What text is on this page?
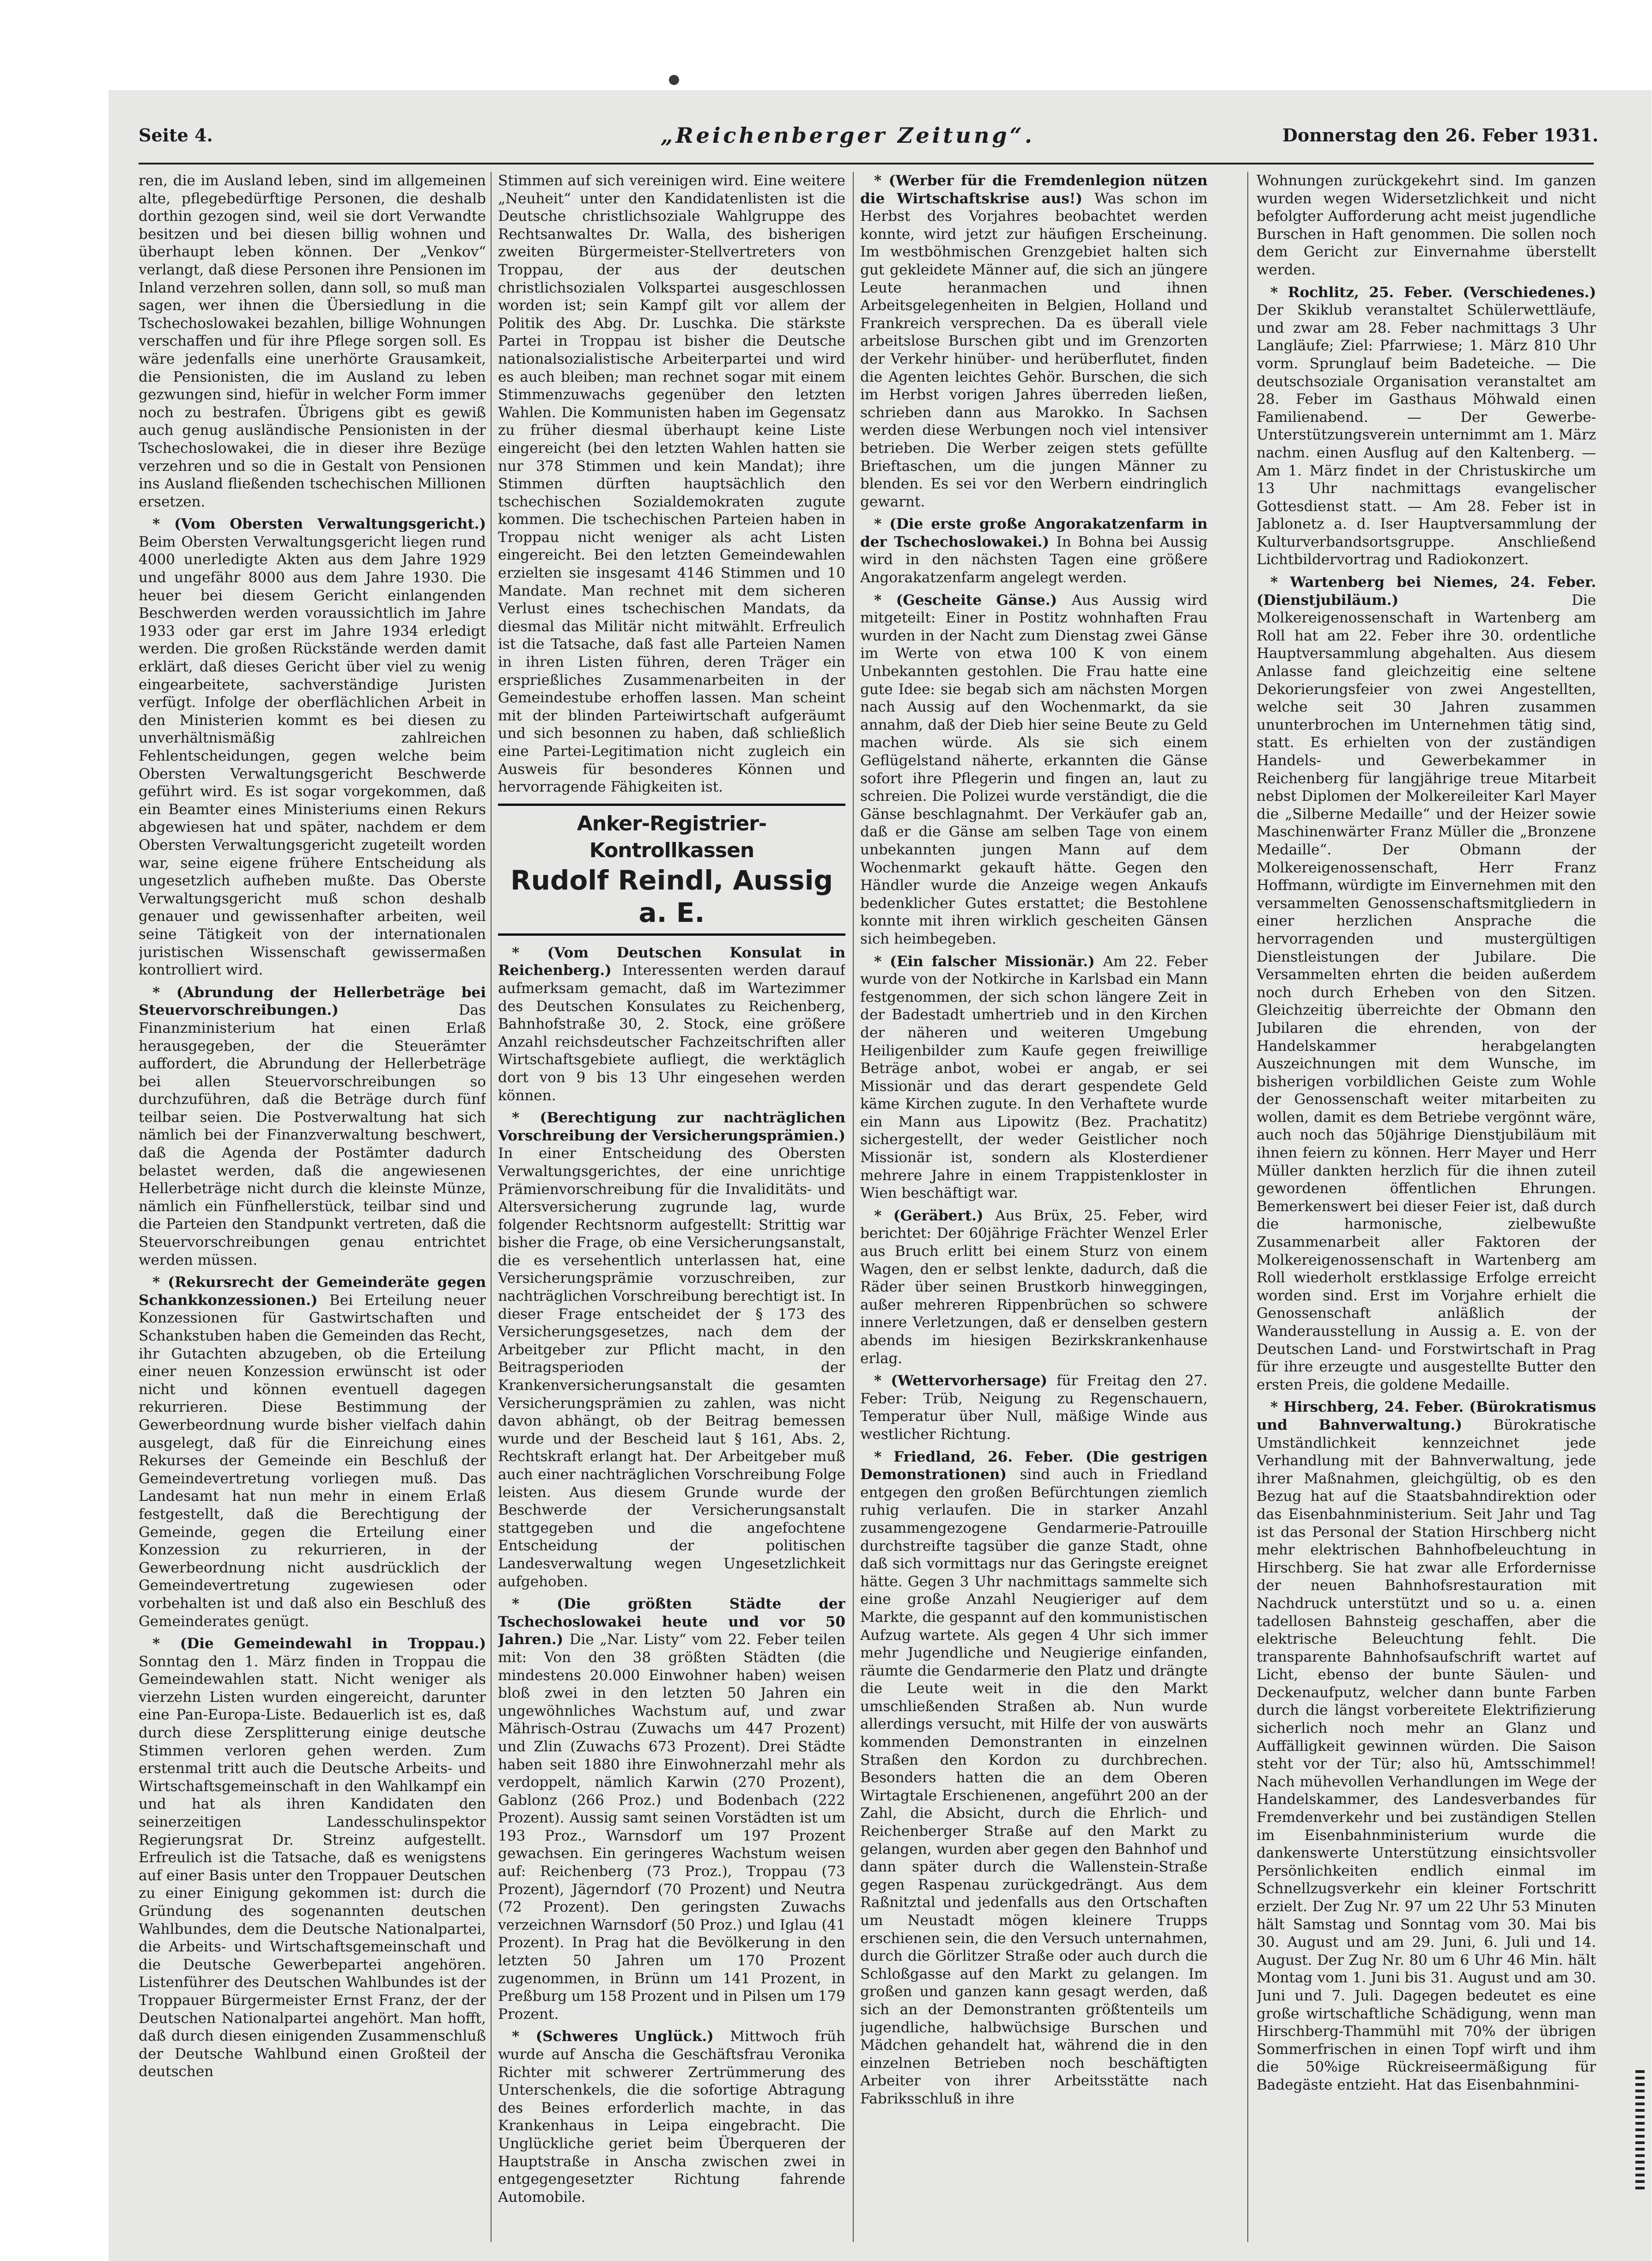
Seite 4.	„Reichenberger Zeitung“.	Donnerstag den 26. Feber 1931.

ren, die im Ausland leben, sind im allgemeinen alte, pflegebedürftige Personen, die deshalb dorthin gezogen sind, weil sie dort Verwandte besitzen und bei diesen billig wohnen und überhaupt leben können. Der „Venkov“ verlangt, daß diese Personen ihre Pensionen im Inland verzehren sollen, dann soll, so muß man sagen, wer ihnen die Übersiedlung in die Tschechoslowakei bezahlen, billige Wohnungen verschaffen und für ihre Pflege sorgen soll. Es wäre jedenfalls eine unerhörte Grausamkeit, die Pensionisten, die im Ausland zu leben gezwungen sind, hiefür in welcher Form immer noch zu bestrafen. Übrigens gibt es gewiß auch genug ausländische Pensionisten in der Tschechoslowakei, die in dieser ihre Bezüge verzehren und so die in Gestalt von Pensionen ins Ausland fließenden tschechischen Millionen ersetzen.

* (Vom Obersten Verwaltungsgericht.) Beim Obersten Verwaltungsgericht liegen rund 4000 unerledigte Akten aus dem Jahre 1929 und ungefähr 8000 aus dem Jahre 1930. Die heuer bei diesem Gericht einlangenden Beschwerden werden voraussichtlich im Jahre 1933 oder gar erst im Jahre 1934 erledigt werden. Die großen Rückstände werden damit erklärt, daß dieses Gericht über viel zu wenig eingearbeitete, sachverständige Juristen verfügt. Infolge der oberflächlichen Arbeit in den Ministerien kommt es bei diesen zu unverhältnismäßig zahlreichen Fehlentscheidungen, gegen welche beim Obersten Verwaltungsgericht Beschwerde geführt wird. Es ist sogar vorgekommen, daß ein Beamter eines Ministeriums einen Rekurs abgewiesen hat und später, nachdem er dem Obersten Verwaltungsgericht zugeteilt worden war, seine eigene frühere Entscheidung als ungesetzlich aufheben mußte. Das Oberste Verwaltungsgericht muß schon deshalb genauer und gewissenhafter arbeiten, weil seine Tätigkeit von der internationalen juristischen Wissenschaft gewissermaßen kontrolliert wird.

* (Abrundung der Hellerbeträge bei Steuervorschreibungen.) Das Finanzministerium hat einen Erlaß herausgegeben, der die Steuerämter auffordert, die Abrundung der Hellerbeträge bei allen Steuervorschreibungen so durchzuführen, daß die Beträge durch fünf teilbar seien. Die Postverwaltung hat sich nämlich bei der Finanzverwaltung beschwert, daß die Agenda der Postämter dadurch belastet werden, daß die angewiesenen Hellerbeträge nicht durch die kleinste Münze, nämlich ein Fünfhellerstück, teilbar sind und die Parteien den Standpunkt vertreten, daß die Steuervorschreibungen genau entrichtet werden müssen.

* (Rekursrecht der Gemeinderäte gegen Schankkonzessionen.) Bei Erteilung neuer Konzessionen für Gastwirtschaften und Schankstuben haben die Gemeinden das Recht, ihr Gutachten abzugeben, ob die Erteilung einer neuen Konzession erwünscht ist oder nicht und können eventuell dagegen rekurrieren. Diese Bestimmung der Gewerbeordnung wurde bisher vielfach dahin ausgelegt, daß für die Einreichung eines Rekurses der Gemeinde ein Beschluß der Gemeindevertretung vorliegen muß. Das Landesamt hat nun mehr in einem Erlaß festgestellt, daß die Berechtigung der Gemeinde, gegen die Erteilung einer Konzession zu rekurrieren, in der Gewerbeordnung nicht ausdrücklich der Gemeindevertretung zugewiesen oder vorbehalten ist und daß also ein Beschluß des Gemeinderates genügt.

* (Die Gemeindewahl in Troppau.) Sonntag den 1. März finden in Troppau die Gemeindewahlen statt. Nicht weniger als vierzehn Listen wurden eingereicht, darunter eine Pan-Europa-Liste. Bedauerlich ist es, daß durch diese Zersplitterung einige deutsche Stimmen verloren gehen werden. Zum erstenmal tritt auch die Deutsche Arbeits- und Wirtschaftsgemeinschaft in den Wahlkampf ein und hat als ihren Kandidaten den seinerzeitigen Landesschulinspektor Regierungsrat Dr. Streinz aufgestellt. Erfreulich ist die Tatsache, daß es wenigstens auf einer Basis unter den Troppauer Deutschen zu einer Einigung gekommen ist: durch die Gründung des sogenannten deutschen Wahlbundes, dem die Deutsche Nationalpartei, die Arbeits- und Wirtschaftsgemeinschaft und die Deutsche Gewerbepartei angehören. Listenführer des Deutschen Wahlbundes ist der Troppauer Bürgermeister Ernst Franz, der der Deutschen Nationalpartei angehört. Man hofft, daß durch diesen einigenden Zusammenschluß der Deutsche Wahlbund einen Großteil der deutschen

Stimmen auf sich vereinigen wird. Eine weitere „Neuheit“ unter den Kandidatenlisten ist die Deutsche christlichsoziale Wahlgruppe des Rechtsanwaltes Dr. Walla, des bisherigen zweiten Bürgermeister-Stellvertreters von Troppau, der aus der deutschen christlichsozialen Volkspartei ausgeschlossen worden ist; sein Kampf gilt vor allem der Politik des Abg. Dr. Luschka. Die stärkste Partei in Troppau ist bisher die Deutsche nationalsozialistische Arbeiterpartei und wird es auch bleiben; man rechnet sogar mit einem Stimmenzuwachs gegenüber den letzten Wahlen. Die Kommunisten haben im Gegensatz zu früher diesmal überhaupt keine Liste eingereicht (bei den letzten Wahlen hatten sie nur 378 Stimmen und kein Mandat); ihre Stimmen dürften hauptsächlich den tschechischen Sozialdemokraten zugute kommen. Die tschechischen Parteien haben in Troppau nicht weniger als acht Listen eingereicht. Bei den letzten Gemeindewahlen erzielten sie insgesamt 4146 Stimmen und 10 Mandate. Man rechnet mit dem sicheren Verlust eines tschechischen Mandats, da diesmal das Militär nicht mitwählt. Erfreulich ist die Tatsache, daß fast alle Parteien Namen in ihren Listen führen, deren Träger ein ersprießliches Zusammenarbeiten in der Gemeindestube erhoffen lassen. Man scheint mit der blinden Parteiwirtschaft aufgeräumt und sich besonnen zu haben, daß schließlich eine Partei-Legitimation nicht zugleich ein Ausweis für besonderes Können und hervorragende Fähigkeiten ist.

Anker-Registrier-Kontrollkassen
Rudolf Reindl, Aussig a. E.

* (Vom Deutschen Konsulat in Reichenberg.) Interessenten werden darauf aufmerksam gemacht, daß im Wartezimmer des Deutschen Konsulates zu Reichenberg, Bahnhofstraße 30, 2. Stock, eine größere Anzahl reichsdeutscher Fachzeitschriften aller Wirtschaftsgebiete aufliegt, die werktäglich dort von 9 bis 13 Uhr eingesehen werden können.

* (Berechtigung zur nachträglichen Vorschreibung der Versicherungsprämien.) In einer Entscheidung des Obersten Verwaltungsgerichtes, der eine unrichtige Prämienvorschreibung für die Invaliditäts- und Altersversicherung zugrunde lag, wurde folgender Rechtsnorm aufgestellt: Strittig war bisher die Frage, ob eine Versicherungsanstalt, die es versehentlich unterlassen hat, eine Versicherungsprämie vorzuschreiben, zur nachträglichen Vorschreibung berechtigt ist. In dieser Frage entscheidet der § 173 des Versicherungsgesetzes, nach dem der Arbeitgeber zur Pflicht macht, in den Beitragsperioden der Krankenversicherungsanstalt die gesamten Versicherungsprämien zu zahlen, was nicht davon abhängt, ob der Beitrag bemessen wurde und der Bescheid laut § 161, Abs. 2, Rechtskraft erlangt hat. Der Arbeitgeber muß auch einer nachträglichen Vorschreibung Folge leisten. Aus diesem Grunde wurde der Beschwerde der Versicherungsanstalt stattgegeben und die angefochtene Entscheidung der politischen Landesverwaltung wegen Ungesetzlichkeit aufgehoben.

* (Die größten Städte der Tschechoslowakei heute und vor 50 Jahren.) Die „Nar. Listy“ vom 22. Feber teilen mit: Von den 38 größten Städten (die mindestens 20.000 Einwohner haben) weisen bloß zwei in den letzten 50 Jahren ein ungewöhnliches Wachstum auf, und zwar Mährisch-Ostrau (Zuwachs um 447 Prozent) und Zlin (Zuwachs 673 Prozent). Drei Städte haben seit 1880 ihre Einwohnerzahl mehr als verdoppelt, nämlich Karwin (270 Prozent), Gablonz (266 Proz.) und Bodenbach (222 Prozent). Aussig samt seinen Vorstädten ist um 193 Proz., Warnsdorf um 197 Prozent gewachsen. Ein geringeres Wachstum weisen auf: Reichenberg (73 Proz.), Troppau (73 Prozent), Jägerndorf (70 Prozent) und Neutra (72 Prozent). Den geringsten Zuwachs verzeichnen Warnsdorf (50 Proz.) und Iglau (41 Prozent). In Prag hat die Bevölkerung in den letzten 50 Jahren um 170 Prozent zugenommen, in Brünn um 141 Prozent, in Preßburg um 158 Prozent und in Pilsen um 179 Prozent.

* (Schweres Unglück.) Mittwoch früh wurde auf Anscha die Geschäftsfrau Veronika Richter mit schwerer Zertrümmerung des Unterschenkels, die die sofortige Abtragung des Beines erforderlich machte, in das Krankenhaus in Leipa eingebracht. Die Unglückliche geriet beim Überqueren der Hauptstraße in Anscha zwischen zwei in entgegengesetzter Richtung fahrende Automobile.

* (Werber für die Fremdenlegion nützen die Wirtschaftskrise aus!) Was schon im Herbst des Vorjahres beobachtet werden konnte, wird jetzt zur häufigen Erscheinung. Im westböhmischen Grenzgebiet halten sich gut gekleidete Männer auf, die sich an jüngere Leute heranmachen und ihnen Arbeitsgelegenheiten in Belgien, Holland und Frankreich versprechen. Da es überall viele arbeitslose Burschen gibt und im Grenzorten der Verkehr hinüber- und herüberflutet, finden die Agenten leichtes Gehör. Burschen, die sich im Herbst vorigen Jahres überreden ließen, schrieben dann aus Marokko. In Sachsen werden diese Werbungen noch viel intensiver betrieben. Die Werber zeigen stets gefüllte Brieftaschen, um die jungen Männer zu blenden. Es sei vor den Werbern eindringlich gewarnt.

* (Die erste große Angorakatzenfarm in der Tschechoslowakei.) In Bohna bei Aussig wird in den nächsten Tagen eine größere Angorakatzenfarm angelegt werden.

* (Gescheite Gänse.) Aus Aussig wird mitgeteilt: Einer in Postitz wohnhaften Frau wurden in der Nacht zum Dienstag zwei Gänse im Werte von etwa 100 K von einem Unbekannten gestohlen. Die Frau hatte eine gute Idee: sie begab sich am nächsten Morgen nach Aussig auf den Wochenmarkt, da sie annahm, daß der Dieb hier seine Beute zu Geld machen würde. Als sie sich einem Geflügelstand näherte, erkannten die Gänse sofort ihre Pflegerin und fingen an, laut zu schreien. Die Polizei wurde verständigt, die die Gänse beschlagnahmt. Der Verkäufer gab an, daß er die Gänse am selben Tage von einem unbekannten jungen Mann auf dem Wochenmarkt gekauft hätte. Gegen den Händler wurde die Anzeige wegen Ankaufs bedenklicher Gutes erstattet; die Bestohlene konnte mit ihren wirklich gescheiten Gänsen sich heimbegeben.

* (Ein falscher Missionär.) Am 22. Feber wurde von der Notkirche in Karlsbad ein Mann festgenommen, der sich schon längere Zeit in der Badestadt umhertrieb und in den Kirchen der näheren und weiteren Umgebung Heiligenbilder zum Kaufe gegen freiwillige Beträge anbot, wobei er angab, er sei Missionär und das derart gespendete Geld käme Kirchen zugute. In den Verhaftete wurde ein Mann aus Lipowitz (Bez. Prachatitz) sichergestellt, der weder Geistlicher noch Missionär ist, sondern als Klosterdiener mehrere Jahre in einem Trappistenkloster in Wien beschäftigt war.

* (Geräbert.) Aus Brüx, 25. Feber, wird berichtet: Der 60jährige Frächter Wenzel Erler aus Bruch erlitt bei einem Sturz von einem Wagen, den er selbst lenkte, dadurch, daß die Räder über seinen Brustkorb hinweggingen, außer mehreren Rippenbrüchen so schwere innere Verletzungen, daß er denselben gestern abends im hiesigen Bezirkskrankenhause erlag.

* (Wettervorhersage) für Freitag den 27. Feber: Trüb, Neigung zu Regenschauern, Temperatur über Null, mäßige Winde aus westlicher Richtung.

* Friedland, 26. Feber. (Die gestrigen Demonstrationen) sind auch in Friedland entgegen den großen Befürchtungen ziemlich ruhig verlaufen. Die in starker Anzahl zusammengezogene Gendarmerie-Patrouille durchstreifte tagsüber die ganze Stadt, ohne daß sich vormittags nur das Geringste ereignet hätte. Gegen 3 Uhr nachmittags sammelte sich eine große Anzahl Neugieriger auf dem Markte, die gespannt auf den kommunistischen Aufzug wartete. Als gegen 4 Uhr sich immer mehr Jugendliche und Neugierige einfanden, räumte die Gendarmerie den Platz und drängte die Leute weit in die den Markt umschließenden Straßen ab. Nun wurde allerdings versucht, mit Hilfe der von auswärts kommenden Demonstranten in einzelnen Straßen den Kordon zu durchbrechen. Besonders hatten die an dem Oberen Wirtagtale Erschienenen, angeführt 200 an der Zahl, die Absicht, durch die Ehrlich- und Reichenberger Straße auf den Markt zu gelangen, wurden aber gegen den Bahnhof und dann später durch die Wallenstein-Straße gegen Raspenau zurückgedrängt. Aus dem Raßnitztal und jedenfalls aus den Ortschaften um Neustadt mögen kleinere Trupps erschienen sein, die den Versuch unternahmen, durch die Görlitzer Straße oder auch durch die Schloßgasse auf den Markt zu gelangen. Im großen und ganzen kann gesagt werden, daß sich an der Demonstranten größtenteils um jugendliche, halbwüchsige Burschen und Mädchen gehandelt hat, während die in den einzelnen Betrieben noch beschäftigten Arbeiter von ihrer Arbeitsstätte nach Fabriksschluß in ihre

Wohnungen zurückgekehrt sind. Im ganzen wurden wegen Widersetzlichkeit und nicht befolgter Aufforderung acht meist jugendliche Burschen in Haft genommen. Die sollen noch dem Gericht zur Einvernahme überstellt werden.

* Rochlitz, 25. Feber. (Verschiedenes.) Der Skiklub veranstaltet Schülerwettläufe, und zwar am 28. Feber nachmittags 3 Uhr Langläufe; Ziel: Pfarrwiese; 1. März 810 Uhr vorm. Sprunglauf beim Badeteiche. — Die deutschsoziale Organisation veranstaltet am 28. Feber im Gasthaus Möhwald einen Familienabend. — Der Gewerbe-Unterstützungsverein unternimmt am 1. März nachm. einen Ausflug auf den Kaltenberg. — Am 1. März findet in der Christuskirche um 13 Uhr nachmittags evangelischer Gottesdienst statt. — Am 28. Feber ist in Jablonetz a. d. Iser Hauptversammlung der Kulturverbandsortsgruppe. Anschließend Lichtbildervortrag und Radiokonzert.

* Wartenberg bei Niemes, 24. Feber. (Dienstjubiläum.) Die Molkereigenossenschaft in Wartenberg am Roll hat am 22. Feber ihre 30. ordentliche Hauptversammlung abgehalten. Aus diesem Anlasse fand gleichzeitig eine seltene Dekorierungsfeier von zwei Angestellten, welche seit 30 Jahren zusammen ununterbrochen im Unternehmen tätig sind, statt. Es erhielten von der zuständigen Handels- und Gewerbekammer in Reichenberg für langjährige treue Mitarbeit nebst Diplomen der Molkereileiter Karl Mayer die „Silberne Medaille“ und der Heizer sowie Maschinenwärter Franz Müller die „Bronzene Medaille“. Der Obmann der Molkereigenossenschaft, Herr Franz Hoffmann, würdigte im Einvernehmen mit den versammelten Genossenschaftsmitgliedern in einer herzlichen Ansprache die hervorragenden und mustergültigen Dienstleistungen der Jubilare. Die Versammelten ehrten die beiden außerdem noch durch Erheben von den Sitzen. Gleichzeitig überreichte der Obmann den Jubilaren die ehrenden, von der Handelskammer herabgelangten Auszeichnungen mit dem Wunsche, im bisherigen vorbildlichen Geiste zum Wohle der Genossenschaft weiter mitarbeiten zu wollen, damit es dem Betriebe vergönnt wäre, auch noch das 50jährige Dienstjubiläum mit ihnen feiern zu können. Herr Mayer und Herr Müller dankten herzlich für die ihnen zuteil gewordenen öffentlichen Ehrungen. Bemerkenswert bei dieser Feier ist, daß durch die harmonische, zielbewußte Zusammenarbeit aller Faktoren der Molkereigenossenschaft in Wartenberg am Roll wiederholt erstklassige Erfolge erreicht worden sind. Erst im Vorjahre erhielt die Genossenschaft anläßlich der Wanderausstellung in Aussig a. E. von der Deutschen Land- und Forstwirtschaft in Prag für ihre erzeugte und ausgestellte Butter den ersten Preis, die goldene Medaille.

* Hirschberg, 24. Feber. (Bürokratismus und Bahnverwaltung.) Bürokratische Umständlichkeit kennzeichnet jede Verhandlung mit der Bahnverwaltung, jede ihrer Maßnahmen, gleichgültig, ob es den Bezug hat auf die Staatsbahndirektion oder das Eisenbahnministerium. Seit Jahr und Tag ist das Personal der Station Hirschberg nicht mehr elektrischen Bahnhofbeleuchtung in Hirschberg. Sie hat zwar alle Erfordernisse der neuen Bahnhofsrestauration mit Nachdruck unterstützt und so u. a. einen tadellosen Bahnsteig geschaffen, aber die elektrische Beleuchtung fehlt. Die transparente Bahnhofsaufschrift wartet auf Licht, ebenso der bunte Säulen- und Deckenaufputz, welcher dann bunte Farben durch die längst vorbereitete Elektrifizierung sicherlich noch mehr an Glanz und Auffälligkeit gewinnen würden. Die Saison steht vor der Tür; also hü, Amtsschimmel! Nach mühevollen Verhandlungen im Wege der Handelskammer, des Landesverbandes für Fremdenverkehr und bei zuständigen Stellen im Eisenbahnministerium wurde die dankenswerte Unterstützung einsichtsvoller Persönlichkeiten endlich einmal im Schnellzugsverkehr ein kleiner Fortschritt erzielt. Der Zug Nr. 97 um 22 Uhr 53 Minuten hält Samstag und Sonntag vom 30. Mai bis 30. August und am 29. Juni, 6. Juli und 14. August. Der Zug Nr. 80 um 6 Uhr 46 Min. hält Montag vom 1. Juni bis 31. August und am 30. Juni und 7. Juli. Dagegen bedeutet es eine große wirtschaftliche Schädigung, wenn man Hirschberg-Thammühl mit 70% der übrigen Sommerfrischen in einen Topf wirft und ihm die 50%ige Rückreiseermäßigung für Badegäste entzieht. Hat das Eisenbahnmini-
